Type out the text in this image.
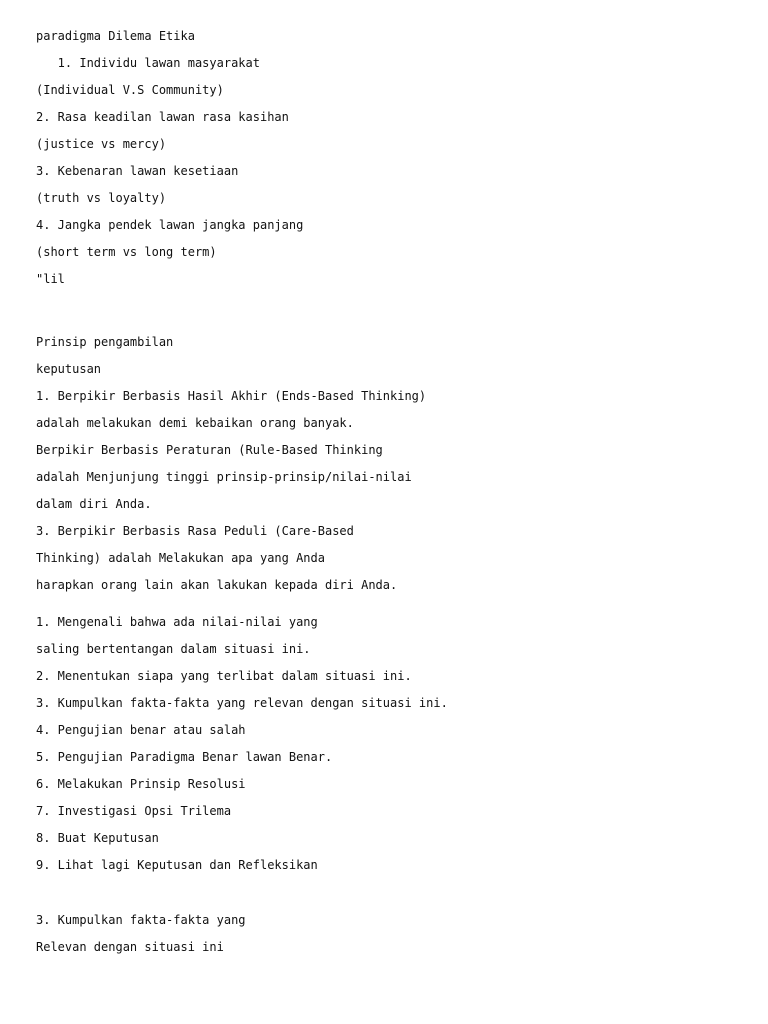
paradigma Dilema Etika
1. Individu lawan masyarakat
(Individual V.S Community)
2. Rasa keadilan lawan rasa kasihan
(justice vs mercy)
3. Kebenaran lawan kesetiaan
(truth vs loyalty)
4. Jangka pendek lawan jangka panjang
(short term vs long term)
"lil
Prinsip pengambilan
keputusan
1. Berpikir Berbasis Hasil Akhir (Ends-Based Thinking)
adalah melakukan demi kebaikan orang banyak.
Berpikir Berbasis Peraturan (Rule-Based Thinking
adalah Menjunjung tinggi prinsip-prinsip/nilai-nilai
dalam diri Anda.
3. Berpikir Berbasis Rasa Peduli (Care-Based
Thinking) adalah Melakukan apa yang Anda
harapkan orang lain akan lakukan kepada diri Anda.
1. Mengenali bahwa ada nilai-nilai yang
saling bertentangan dalam situasi ini.
2. Menentukan siapa yang terlibat dalam situasi ini.
3. Kumpulkan fakta-fakta yang relevan dengan situasi ini.
4. Pengujian benar atau salah
5. Pengujian Paradigma Benar lawan Benar.
6. Melakukan Prinsip Resolusi
7. Investigasi Opsi Trilema
8. Buat Keputusan
9. Lihat lagi Keputusan dan Refleksikan
3. Kumpulkan fakta-fakta yang
Relevan dengan situasi ini
